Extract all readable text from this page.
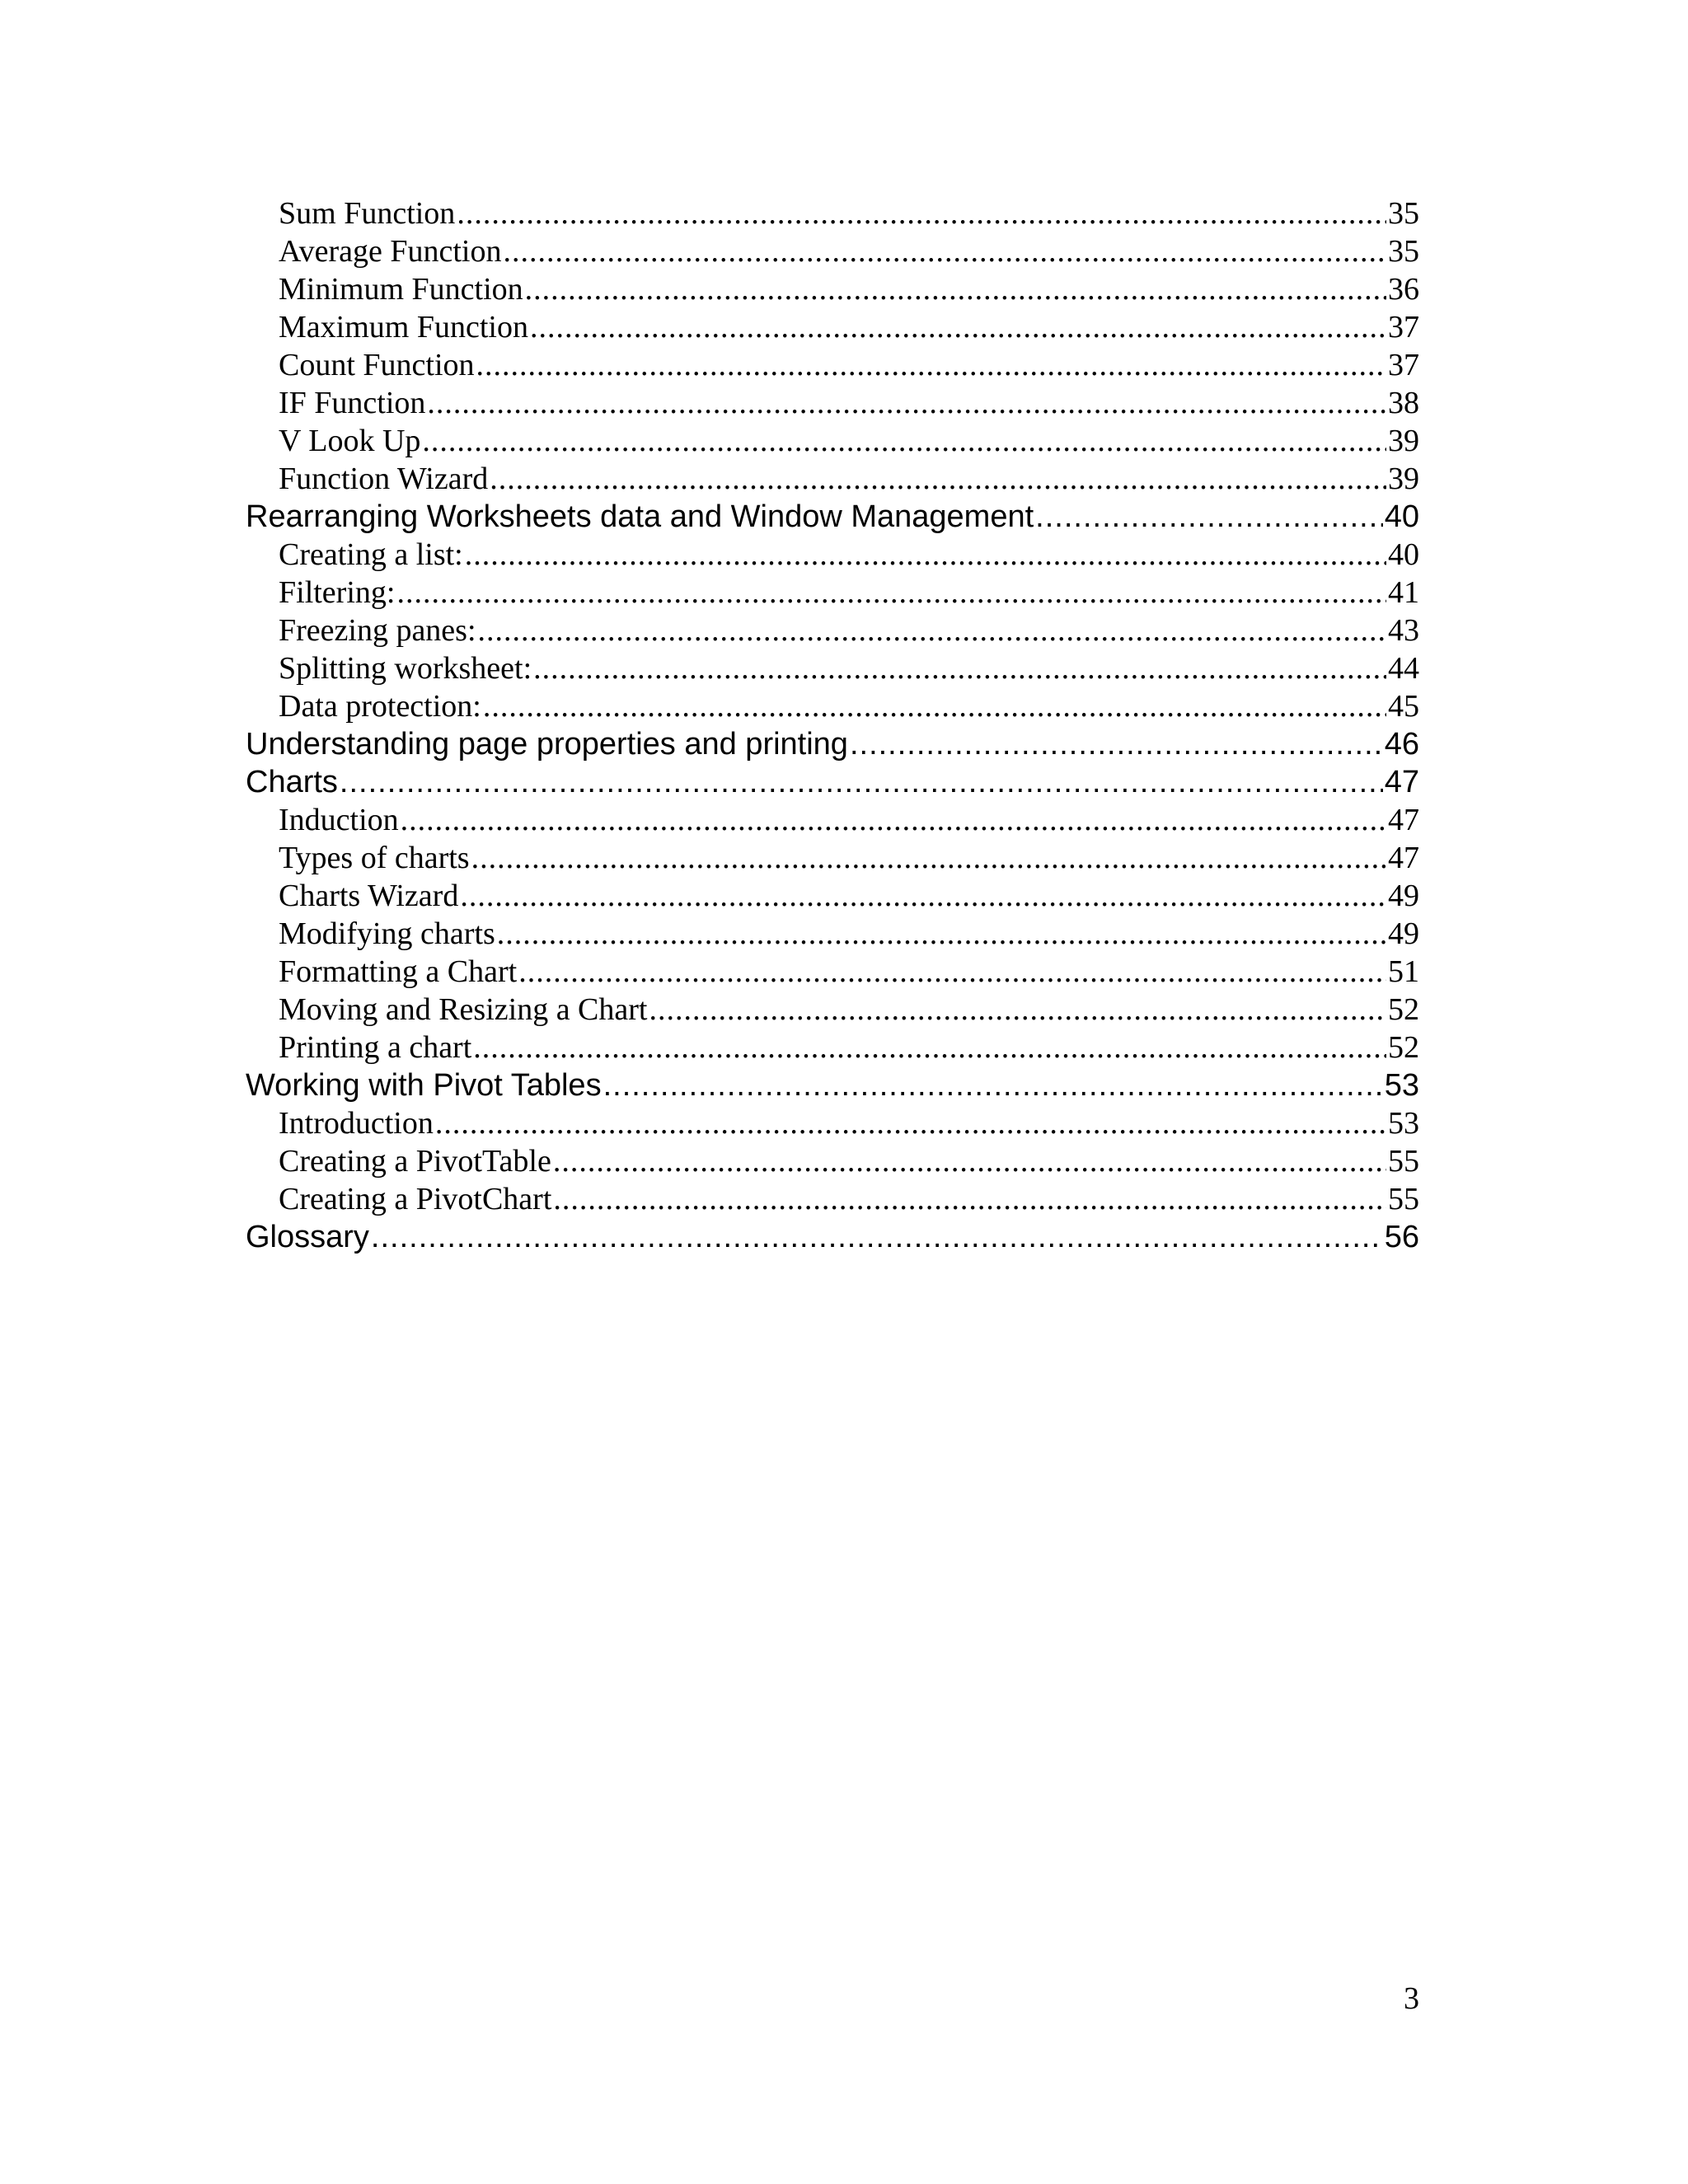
Sum Function .....	35
Average Function .....	35
Minimum Function .....	36
Maximum Function .....	37
Count Function .....	37
IF Function .....	38
V Look Up .....	39
Function Wizard .....	39
Rearranging Worksheets data and Window Management .....	40
Creating a list: .....	40
Filtering: .....	41
Freezing panes: .....	43
Splitting worksheet: .....	44
Data protection: .....	45
Understanding page properties and printing .....	46
Charts .....	47
Induction .....	47
Types of charts .....	47
Charts Wizard .....	49
Modifying charts .....	49
Formatting a Chart .....	51
Moving and Resizing a Chart .....	52
Printing a chart .....	52
Working with Pivot Tables .....	53
Introduction .....	53
Creating a PivotTable .....	55
Creating a PivotChart .....	55
Glossary .....	56
3
